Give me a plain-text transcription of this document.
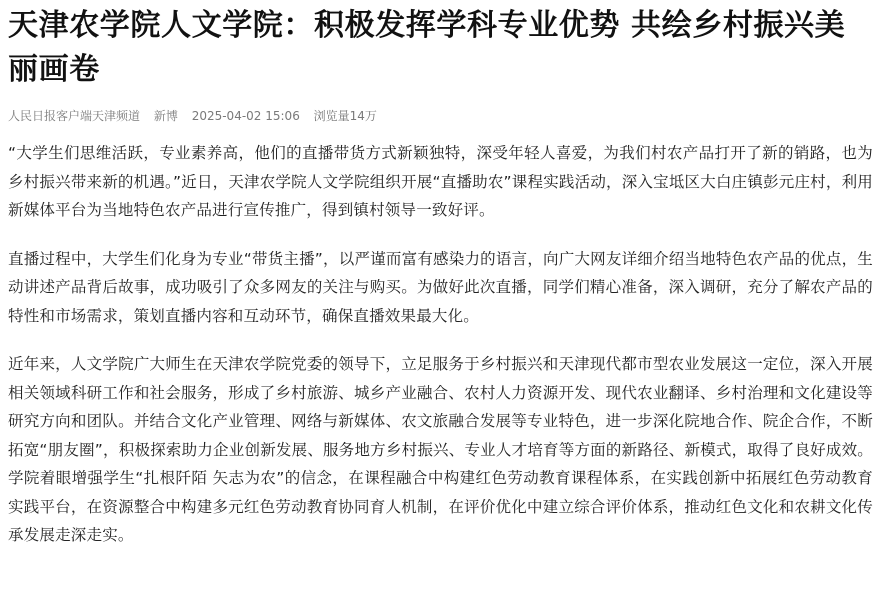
天津农学院人文学院：积极发挥学科专业优势 共绘乡村振兴美丽画卷
人民日报客户端天津频道 新博 2025-04-02 15:06 浏览量14万

“大学生们思维活跃，专业素养高，他们的直播带货方式新颖独特，深受年轻人喜爱，为我们村农产品打开了新的销路，也为乡村振兴带来新的机遇。”近日，天津农学院人文学院组织开展“直播助农”课程实践活动，深入宝坻区大白庄镇彭元庄村，利用新媒体平台为当地特色农产品进行宣传推广，得到镇村领导一致好评。

直播过程中，大学生们化身为专业“带货主播”，以严谨而富有感染力的语言，向广大网友详细介绍当地特色农产品的优点，生动讲述产品背后故事，成功吸引了众多网友的关注与购买。为做好此次直播，同学们精心准备，深入调研，充分了解农产品的特性和市场需求，策划直播内容和互动环节，确保直播效果最大化。

近年来，人文学院广大师生在天津农学院党委的领导下，立足服务于乡村振兴和天津现代都市型农业发展这一定位，深入开展相关领域科研工作和社会服务，形成了乡村旅游、城乡产业融合、农村人力资源开发、现代农业翻译、乡村治理和文化建设等研究方向和团队。并结合文化产业管理、网络与新媒体、农文旅融合发展等专业特色，进一步深化院地合作、院企合作，不断拓宽“朋友圈”，积极探索助力企业创新发展、服务地方乡村振兴、专业人才培育等方面的新路径、新模式，取得了良好成效。学院着眼增强学生“扎根阡陌 矢志为农”的信念，在课程融合中构建红色劳动教育课程体系，在实践创新中拓展红色劳动教育实践平台，在资源整合中构建多元红色劳动教育协同育人机制，在评价优化中建立综合评价体系，推动红色文化和农耕文化传承发展走深走实。
